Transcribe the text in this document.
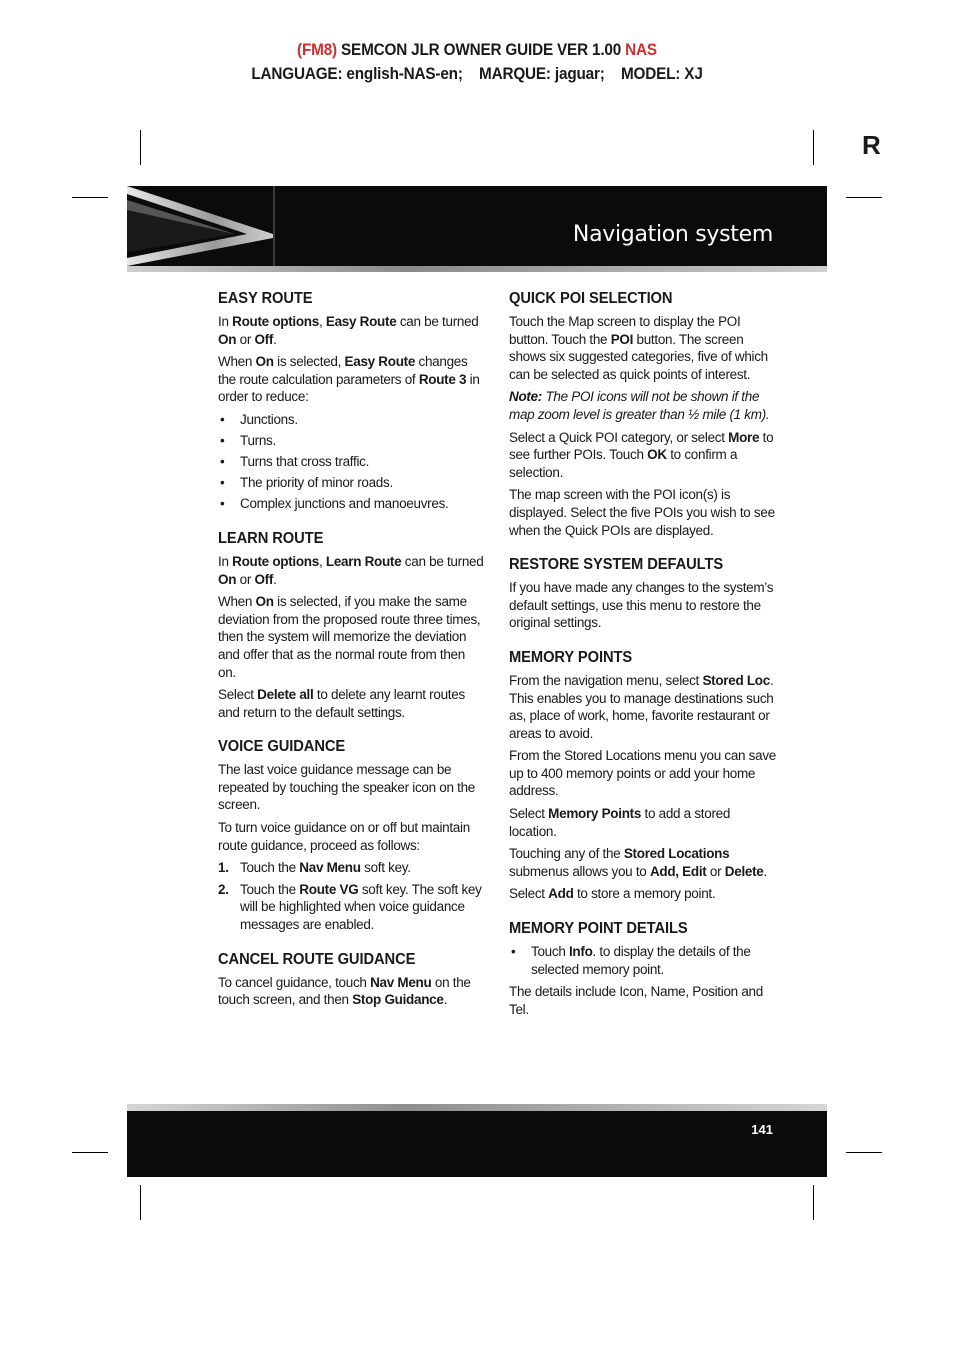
(FM8) SEMCON JLR OWNER GUIDE VER 1.00 NAS
LANGUAGE: english-NAS-en;    MARQUE: jaguar;    MODEL: XJ
R
Navigation system
EASY ROUTE

In Route options, Easy Route can be turned On or Off.

When On is selected, Easy Route changes the route calculation parameters of Route 3 in order to reduce:

• Junctions.
• Turns.
• Turns that cross traffic.
• The priority of minor roads.
• Complex junctions and manoeuvres.
LEARN ROUTE

In Route options, Learn Route can be turned On or Off.

When On is selected, if you make the same deviation from the proposed route three times, then the system will memorize the deviation and offer that as the normal route from then on.

Select Delete all to delete any learnt routes and return to the default settings.

VOICE GUIDANCE

The last voice guidance message can be repeated by touching the speaker icon on the screen.

To turn voice guidance on or off but maintain route guidance, proceed as follows:

1. Touch the Nav Menu soft key.
2. Touch the Route VG soft key. The soft key will be highlighted when voice guidance messages are enabled.
CANCEL ROUTE GUIDANCE

To cancel guidance, touch Nav Menu on the touch screen, and then Stop Guidance.

QUICK POI SELECTION

Touch the Map screen to display the POI button. Touch the POI button. The screen shows six suggested categories, five of which can be selected as quick points of interest.

Note: The POI icons will not be shown if the map zoom level is greater than ½ mile (1 km).

Select a Quick POI category, or select More to see further POIs. Touch OK to confirm a selection.

The map screen with the POI icon(s) is displayed. Select the five POIs you wish to see when the Quick POIs are displayed.

RESTORE SYSTEM DEFAULTS

If you have made any changes to the system’s default settings, use this menu to restore the original settings.

MEMORY POINTS

From the navigation menu, select Stored Loc. This enables you to manage destinations such as, place of work, home, favorite restaurant or areas to avoid.

From the Stored Locations menu you can save up to 400 memory points or add your home address.

Select Memory Points to add a stored location.

Touching any of the Stored Locations submenus allows you to Add, Edit or Delete.

Select Add to store a memory point.

MEMORY POINT DETAILS
• Touch Info. to display the details of the selected memory point.

The details include Icon, Name, Position and Tel.

141
